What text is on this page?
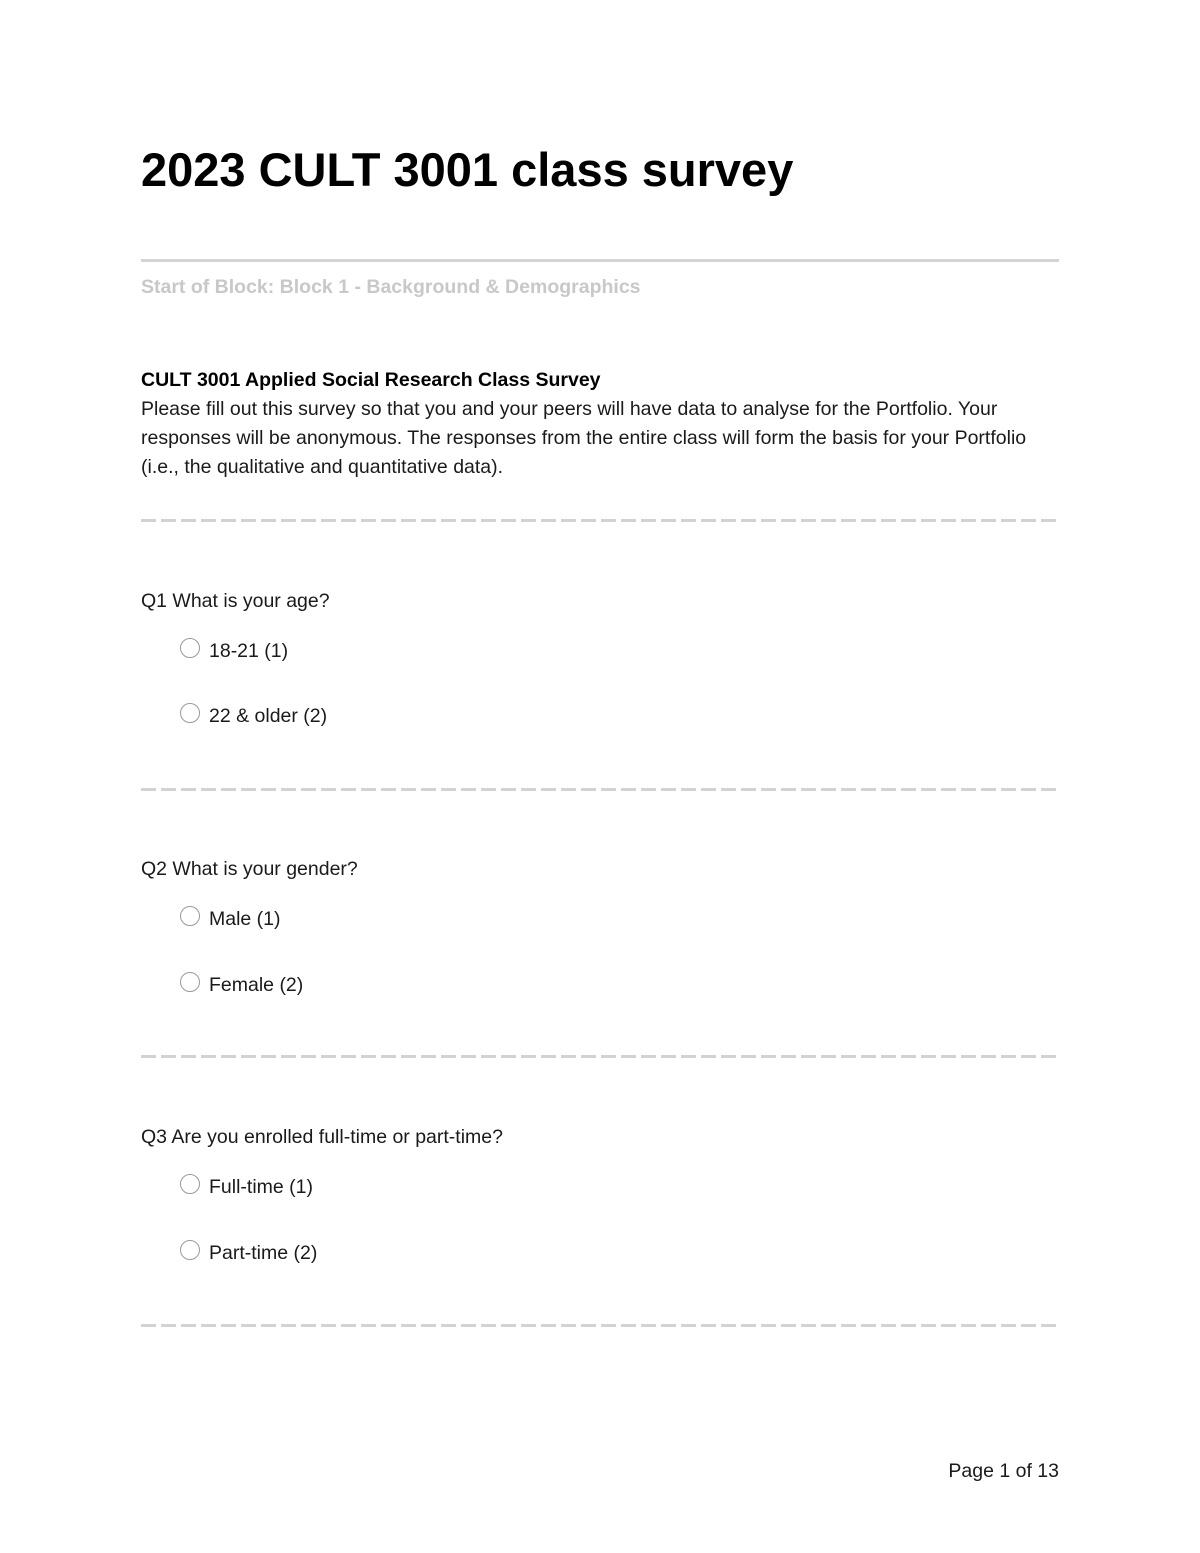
2023 CULT 3001 class survey
Start of Block: Block 1 - Background & Demographics
CULT 3001 Applied Social Research Class Survey
Please fill out this survey so that you and your peers will have data to analyse for the Portfolio. Your responses will be anonymous. The responses from the entire class will form the basis for your Portfolio (i.e., the qualitative and quantitative data).
Q1 What is your age?
18-21 (1)
22 & older (2)
Q2 What is your gender?
Male (1)
Female (2)
Q3 Are you enrolled full-time or part-time?
Full-time (1)
Part-time (2)
Page 1 of 13
